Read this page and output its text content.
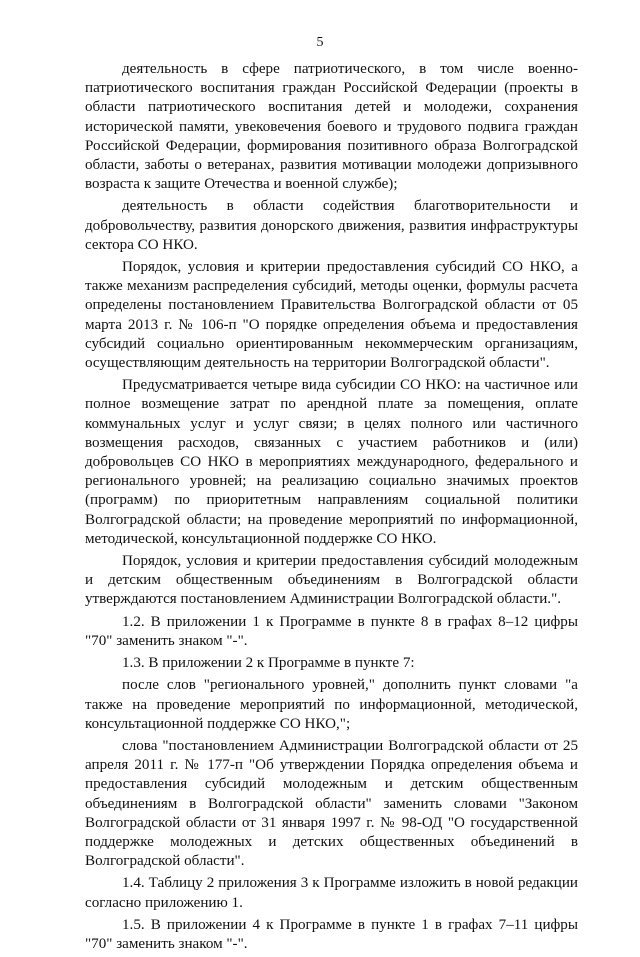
5

деятельность в сфере патриотического, в том числе военно-патриотического воспитания граждан Российской Федерации (проекты в области патриотического воспитания детей и молодежи, сохранения исторической памяти, увековечения боевого и трудового подвига граждан Российской Федерации, формирования позитивного образа Волгоградской области, заботы о ветеранах, развития мотивации молодежи допризывного возраста к защите Отечества и военной службе);

деятельность в области содействия благотворительности и добровольчеству, развития донорского движения, развития инфраструктуры сектора СО НКО.

Порядок, условия и критерии предоставления субсидий СО НКО, а также механизм распределения субсидий, методы оценки, формулы расчета определены постановлением Правительства Волгоградской области от 05 марта 2013 г. № 106-п "О порядке определения объема и предоставления субсидий социально ориентированным некоммерческим организациям, осуществляющим деятельность на территории Волгоградской области".

Предусматривается четыре вида субсидии СО НКО: на частичное или полное возмещение затрат по арендной плате за помещения, оплате коммунальных услуг и услуг связи; в целях полного или частичного возмещения расходов, связанных с участием работников и (или) добровольцев СО НКО в мероприятиях международного, федерального и регионального уровней; на реализацию социально значимых проектов (программ) по приоритетным направлениям социальной политики Волгоградской области; на проведение мероприятий по информационной, методической, консультационной поддержке СО НКО.

Порядок, условия и критерии предоставления субсидий молодежным и детским общественным объединениям в Волгоградской области утверждаются постановлением Администрации Волгоградской области.".

1.2. В приложении 1 к Программе в пункте 8 в графах 8–12 цифры "70" заменить знаком "-".

1.3. В приложении 2 к Программе в пункте 7:

после слов "регионального уровней," дополнить пункт словами "а также на проведение мероприятий по информационной, методической, консультационной поддержке СО НКО,";

слова "постановлением Администрации Волгоградской области от 25 апреля 2011 г. № 177-п "Об утверждении Порядка определения объема и предоставления субсидий молодежным и детским общественным объединениям в Волгоградской области" заменить словами "Законом Волгоградской области от 31 января 1997 г. № 98-ОД "О государственной поддержке молодежных и детских общественных объединений в Волгоградской области".

1.4. Таблицу 2 приложения 3 к Программе изложить в новой редакции согласно приложению 1.

1.5. В приложении 4 к Программе в пункте 1 в графах 7–11 цифры "70" заменить знаком "-".
